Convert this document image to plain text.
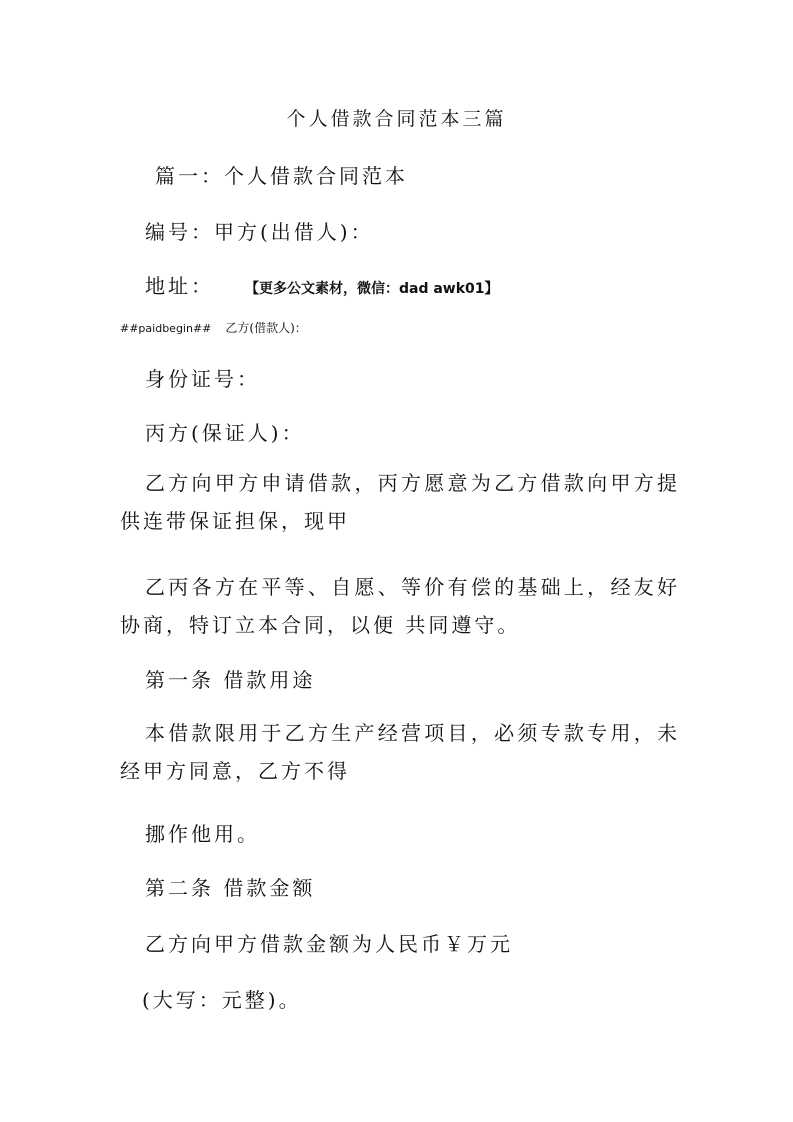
个人借款合同范本三篇
篇一：个人借款合同范本
编号：甲方(出借人)：
地址：	【更多公文素材，微信：dad awk01】
##paidbegin## 乙方(借款人)：
身份证号：
丙方(保证人)：
乙方向甲方申请借款，丙方愿意为乙方借款向甲方提供连带保证担保，现甲
乙丙各方在平等、自愿、等价有偿的基础上，经友好协商，特订立本合同，以便 共同遵守。
第一条 借款用途
本借款限用于乙方生产经营项目，必须专款专用，未经甲方同意，乙方不得
挪作他用。
第二条 借款金额
乙方向甲方借款金额为人民币￥万元
(大写：元整)。
